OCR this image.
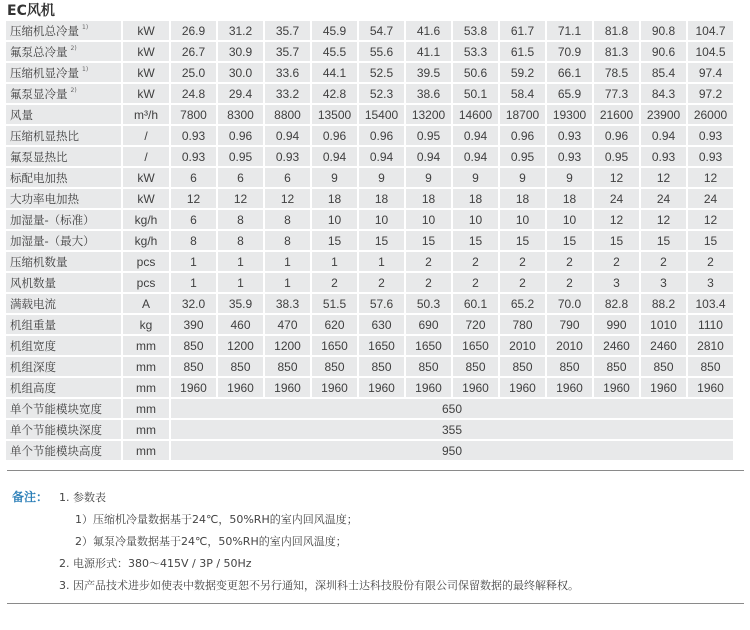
EC风机
压缩机总冷量 $^{1)}$	kW	26.9	31.2	35.7	45.9	54.7	41.6	53.8	61.7	71.1	81.8	90.8	104.7
氟泵总冷量 $^{2)}$	kW	26.7	30.9	35.7	45.5	55.6	41.1	53.3	61.5	70.9	81.3	90.6	104.5
压缩机显冷量 $^{1)}$	kW	25.0	30.0	33.6	44.1	52.5	39.5	50.6	59.2	66.1	78.5	85.4	97.4
氟泵显冷量 $^{2)}$	kW	24.8	29.4	33.2	42.8	52.3	38.6	50.1	58.4	65.9	77.3	84.3	97.2
风量	m³/h	7800	8300	8800	13500	15400	13200	14600	18700	19300	21600	23900	26000
压缩机显热比	/	0.93	0.96	0.94	0.96	0.96	0.95	0.94	0.96	0.93	0.96	0.94	0.93
氟泵显热比	/	0.93	0.95	0.93	0.94	0.94	0.94	0.94	0.95	0.93	0.95	0.93	0.93
标配电加热	kW	6	6	6	9	9	9	9	9	9	12	12	12
大功率电加热	kW	12	12	12	18	18	18	18	18	18	24	24	24
加湿量-（标准）	kg/h	6	8	8	10	10	10	10	10	10	12	12	12
加湿量-（最大）	kg/h	8	8	8	15	15	15	15	15	15	15	15	15
压缩机数量	pcs	1	1	1	1	1	2	2	2	2	2	2	2
风机数量	pcs	1	1	1	2	2	2	2	2	2	3	3	3
满载电流	A	32.0	35.9	38.3	51.5	57.6	50.3	60.1	65.2	70.0	82.8	88.2	103.4
机组重量	kg	390	460	470	620	630	690	720	780	790	990	1010	1110
机组宽度	mm	850	1200	1200	1650	1650	1650	1650	2010	2010	2460	2460	2810
机组深度	mm	850	850	850	850	850	850	850	850	850	850	850	850
机组高度	mm	1960	1960	1960	1960	1960	1960	1960	1960	1960	1960	1960	1960
单个节能模块宽度	mm	650											
单个节能模块深度	mm	355											
单个节能模块高度	mm	950											
备注： 1. 参数表
1）压缩机冷量数据基于24℃，50%RH的室内回风温度；
2）氟泵冷量数据基于24℃，50%RH的室内回风温度；
2. 电源形式：380～415V / 3P / 50Hz
3. 因产品技术进步如使表中数据变更恕不另行通知，深圳科士达科技股份有限公司保留数据的最终解释权。
